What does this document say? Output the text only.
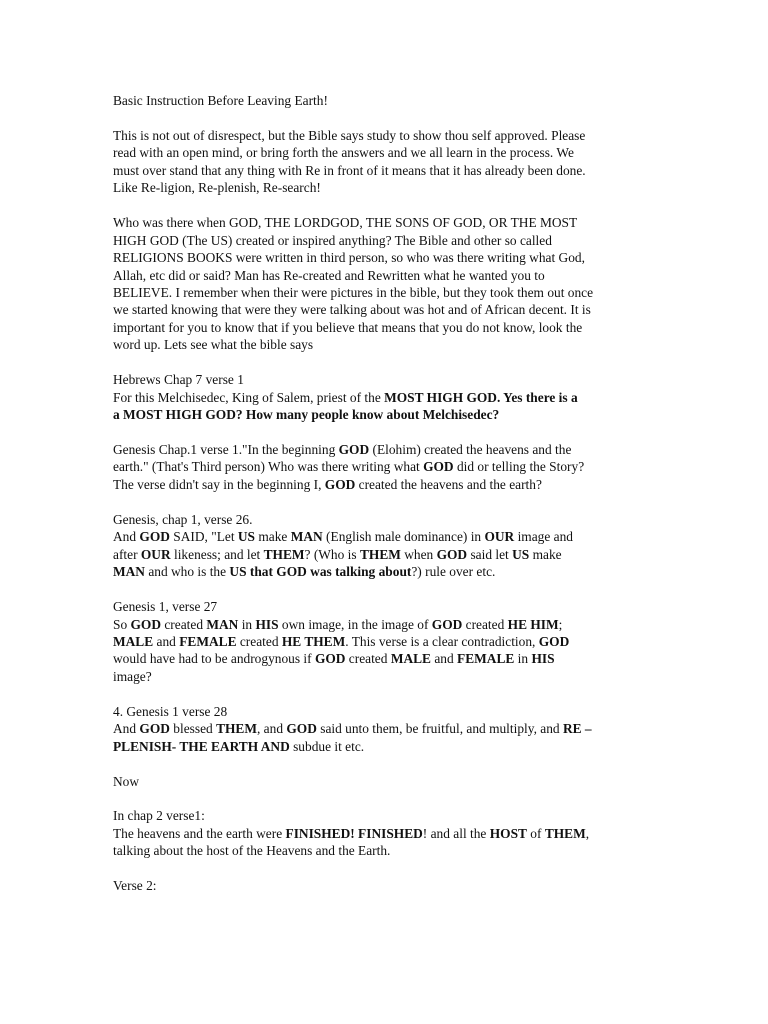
Basic Instruction Before Leaving Earth!
This is not out of disrespect, but the Bible says study to show thou self approved. Please
read with an open mind, or bring forth the answers and we all learn in the process. We
must over stand that any thing with Re in front of it means that it has already been done.
Like Re-ligion, Re-plenish, Re-search!
Who was there when GOD, THE LORDGOD, THE SONS OF GOD, OR THE MOST
HIGH GOD (The US) created or inspired anything? The Bible and other so called
RELIGIONS BOOKS were written in third person, so who was there writing what God,
Allah, etc did or said? Man has Re-created and Rewritten what he wanted you to
BELIEVE. I remember when their were pictures in the bible, but they took them out once
we started knowing that were they were talking about was hot and of African decent. It is
important for you to know that if you believe that means that you do not know, look the
word up. Lets see what the bible says
Hebrews Chap 7 verse 1
For this Melchisedec, King of Salem, priest of the MOST HIGH GOD. Yes there is a
a MOST HIGH GOD? How many people know about Melchisedec?
Genesis Chap.1 verse 1."In the beginning GOD (Elohim) created the heavens and the
earth." (That's Third person) Who was there writing what GOD did or telling the Story?
The verse didn't say in the beginning I, GOD created the heavens and the earth?
Genesis, chap 1, verse 26.
And GOD SAID, "Let US make MAN (English male dominance) in OUR image and
after OUR likeness; and let THEM? (Who is THEM when GOD said let US make
MAN and who is the US that GOD was talking about?) rule over etc.
Genesis 1, verse 27
So GOD created MAN in HIS own image, in the image of GOD created HE HIM;
MALE and FEMALE created HE THEM. This verse is a clear contradiction, GOD
would have had to be androgynous if GOD created MALE and FEMALE in HIS
image?
4. Genesis 1 verse 28
And GOD blessed THEM, and GOD said unto them, be fruitful, and multiply, and RE –
PLENISH- THE EARTH AND subdue it etc.
Now
In chap 2 verse1:
The heavens and the earth were FINISHED! FINISHED! and all the HOST of THEM,
talking about the host of the Heavens and the Earth.
Verse 2:
